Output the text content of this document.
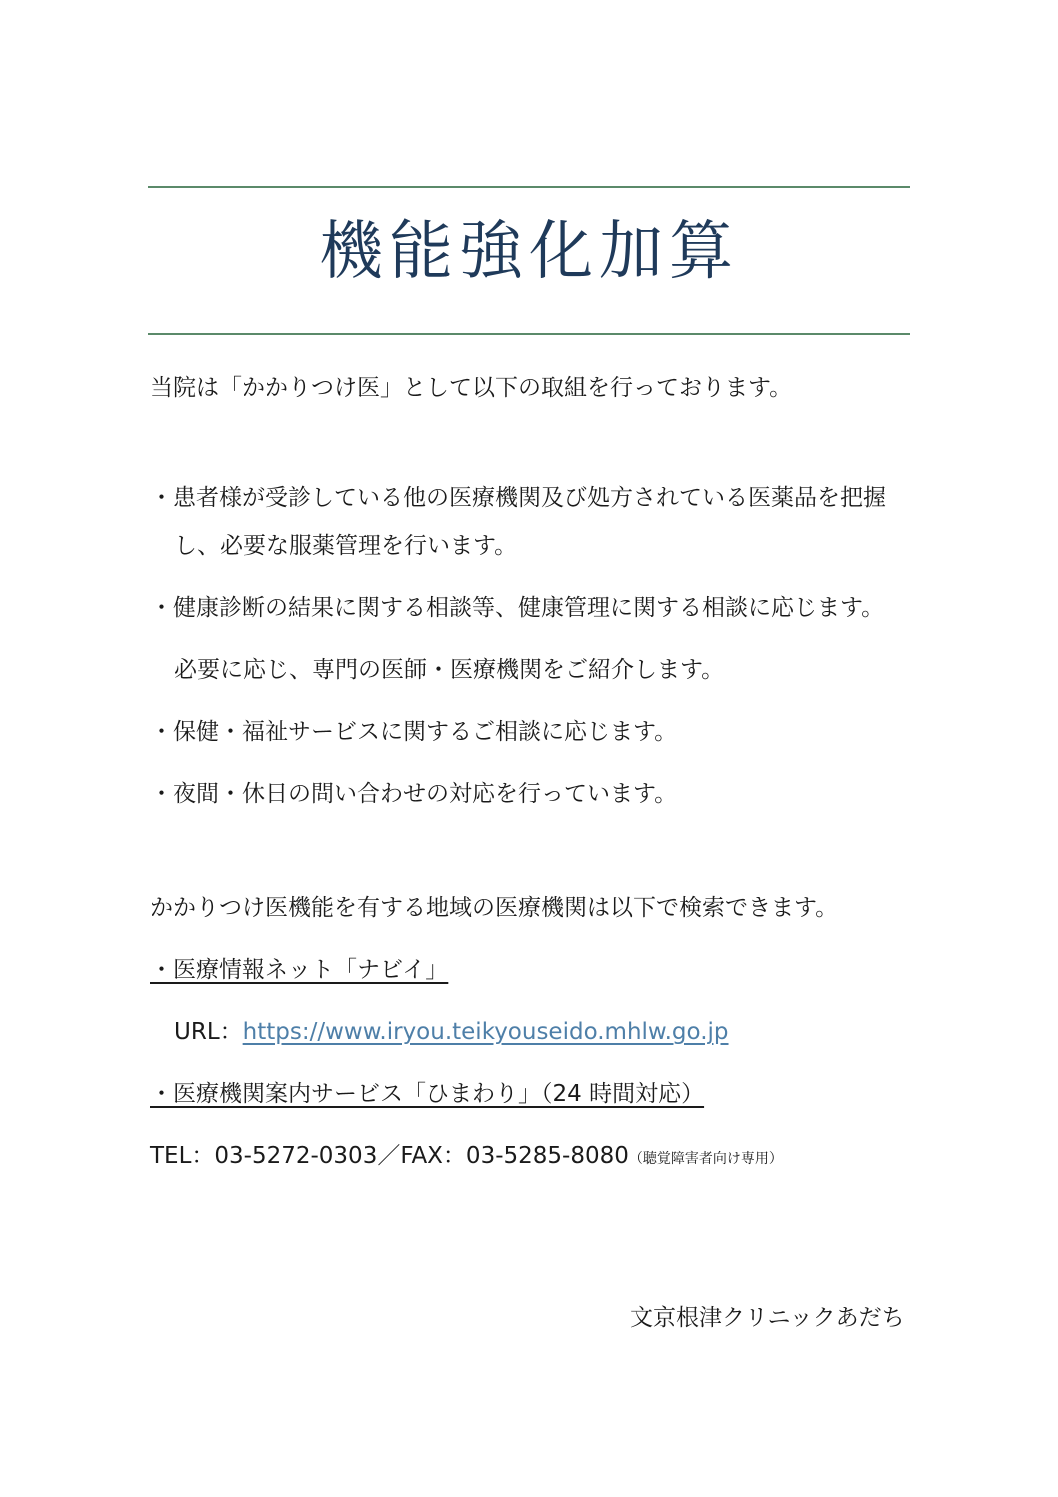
機能強化加算
当院は「かかりつけ医」として以下の取組を行っております。
・患者様が受診している他の医療機関及び処方されている医薬品を把握
し、必要な服薬管理を行います。
・健康診断の結果に関する相談等、健康管理に関する相談に応じます。
必要に応じ、専門の医師・医療機関をご紹介します。
・保健・福祉サービスに関するご相談に応じます。
・夜間・休日の問い合わせの対応を行っています。
かかりつけ医機能を有する地域の医療機関は以下で検索できます。
・医療情報ネット「ナビイ」
URL：https://www.iryou.teikyouseido.mhlw.go.jp
・医療機関案内サービス「ひまわり」（24 時間対応）
TEL：03-5272-0303／FAX：03-5285-8080（聴覚障害者向け専用）
文京根津クリニックあだち
